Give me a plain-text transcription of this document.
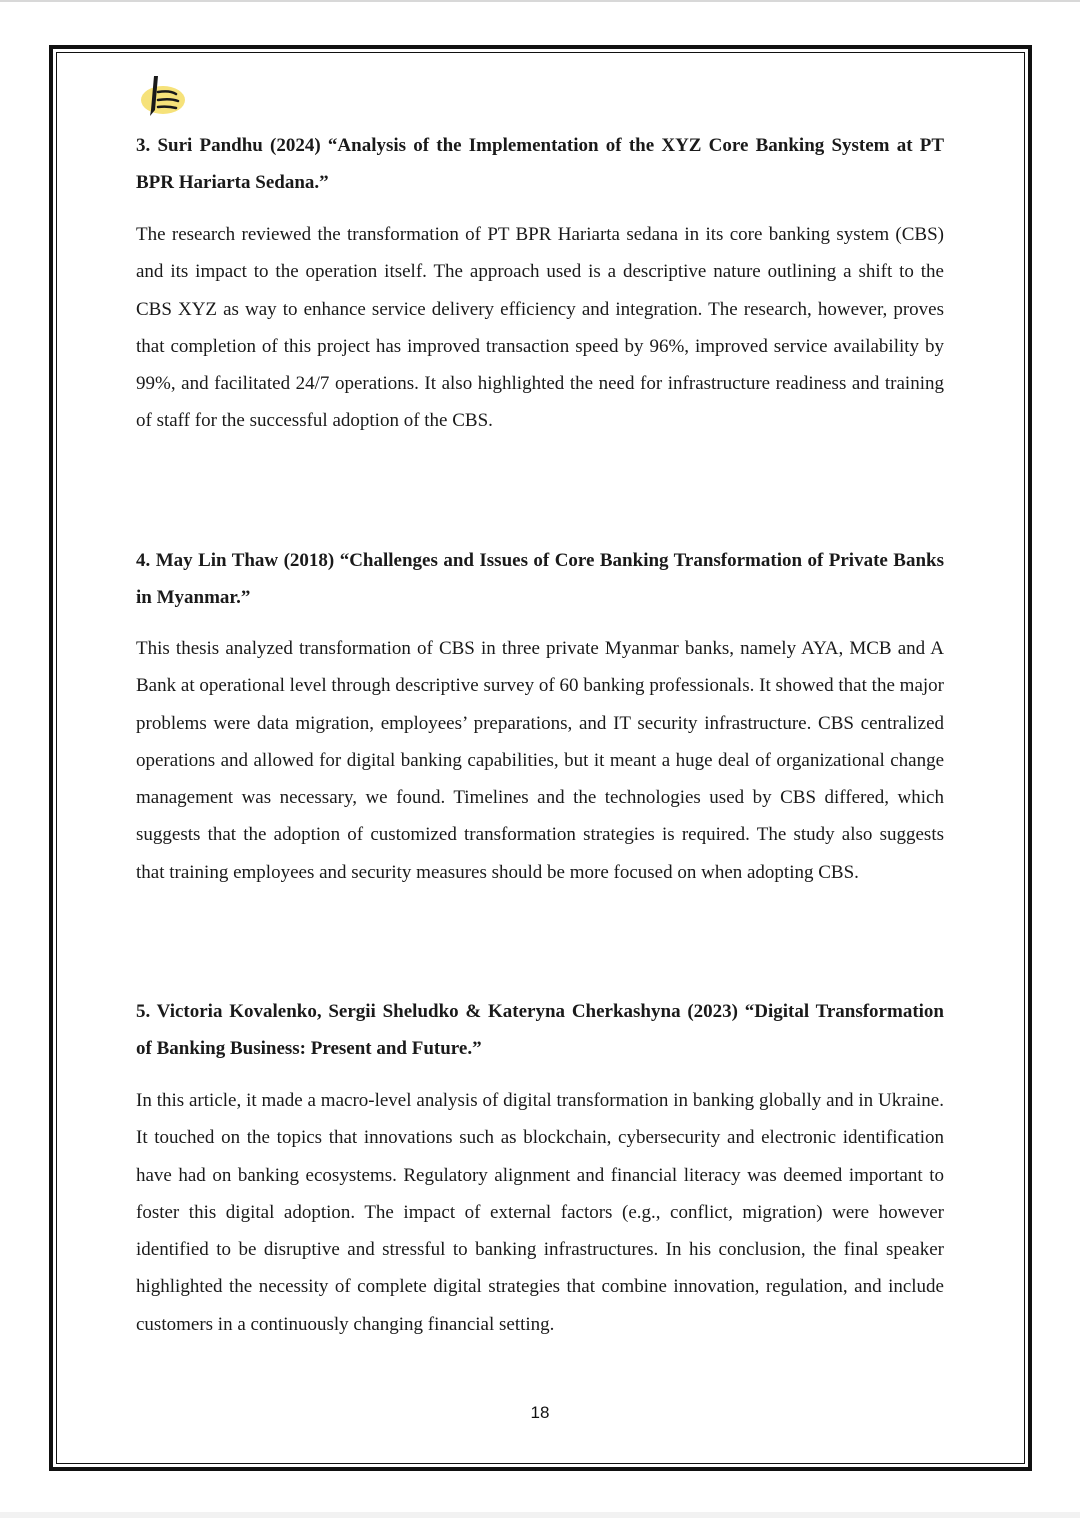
3. Suri Pandhu (2024) “Analysis of the Implementation of the XYZ Core Banking System at PT BPR Hariarta Sedana.”

The research reviewed the transformation of PT BPR Hariarta sedana in its core banking system (CBS) and its impact to the operation itself. The approach used is a descriptive nature outlining a shift to the CBS XYZ as way to enhance service delivery efficiency and integration. The research, however, proves that completion of this project has improved transaction speed by 96%, improved service availability by 99%, and facilitated 24/7 operations. It also highlighted the need for infrastructure readiness and training of staff for the successful adoption of the CBS.

4. May Lin Thaw (2018) “Challenges and Issues of Core Banking Transformation of Private Banks in Myanmar.”

This thesis analyzed transformation of CBS in three private Myanmar banks, namely AYA, MCB and A Bank at operational level through descriptive survey of 60 banking professionals. It showed that the major problems were data migration, employees’ preparations, and IT security infrastructure. CBS centralized operations and allowed for digital banking capabilities, but it meant a huge deal of organizational change management was necessary, we found. Timelines and the technologies used by CBS differed, which suggests that the adoption of customized transformation strategies is required. The study also suggests that training employees and security measures should be more focused on when adopting CBS.

5. Victoria Kovalenko, Sergii Sheludko & Kateryna Cherkashyna (2023) “Digital Transformation of Banking Business: Present and Future.”

In this article, it made a macro-level analysis of digital transformation in banking globally and in Ukraine. It touched on the topics that innovations such as blockchain, cybersecurity and electronic identification have had on banking ecosystems. Regulatory alignment and financial literacy was deemed important to foster this digital adoption. The impact of external factors (e.g., conflict, migration) were however identified to be disruptive and stressful to banking infrastructures. In his conclusion, the final speaker highlighted the necessity of complete digital strategies that combine innovation, regulation, and include customers in a continuously changing financial setting.

18
